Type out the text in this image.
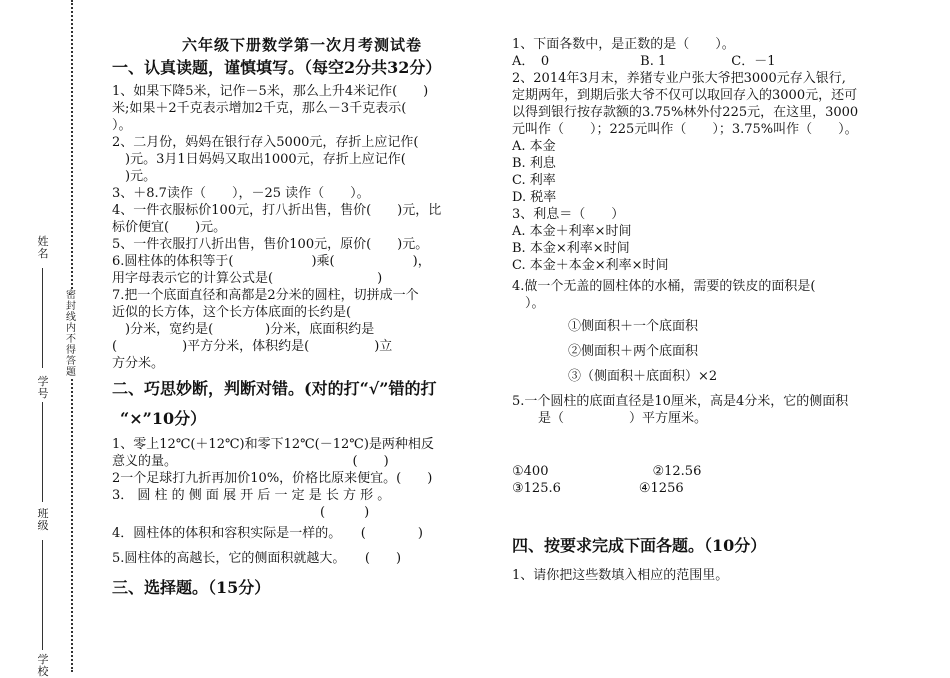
姓名
学号
班级
学校
密封线内不得答题

六年级下册数学第一次月考测试卷

一、认真读题，谨慎填写。（每空2分共32分）

1、如果下降5米，记作－5米，那么上升4米记作(　　)

米;如果＋2千克表示增加2千克，那么－3千克表示(

）。

2、二月份，妈妈在银行存入5000元，存折上应记作(

　)元。3月1日妈妈又取出1000元，存折上应记作(

　)元。

3、＋8.7读作（　　），－25 读作（　　）。

4、一件衣服标价100元，打八折出售，售价(　　)元，比

标价便宜(　　)元。

5、一件衣服打八折出售，售价100元，原价(　　)元。

6.圆柱体的体积等于(　　　　　　)乘(　　　　　　)，

用字母表示它的计算公式是(　　　　　　　　)

7.把一个底面直径和高都是2分米的圆柱，切拼成一个

近似的长方体，这个长方体底面的长约是(

　)分米，宽约是(　　　　)分米，底面积约是

(　　　　　)平方分米，体积约是(　　　　　)立

方分米。

二、巧思妙断，判断对错。(对的打“√”错的打

“×”10分）

1、零上12℃(＋12℃)和零下12℃(－12℃)是两种相反

意义的量。　　　　　　　　　　　　　　(　　)

2一个足球打九折再加价10%，价格比原来便宜。(　　)

3． 圆 柱 的 侧 面 展 开 后 一 定 是 长 方 形 。

　　　　　　　　　　　　　　　　(　　　)

4．圆柱体的体积和容积实际是一样的。　　(　　　　)

5.圆柱体的高越长，它的侧面积就越大。　　(　　)

三、选择题。（15分）

1、下面各数中，是正数的是（　　）。

A．　0　　　　　　　B. 1　　　　　C．－1

2、2014年3月末，养猪专业户张大爷把3000元存入银行,

定期两年，到期后张大爷不仅可以取回存入的3000元，还可

以得到银行按存款额的3.75%林外付225元，在这里，3000

元叫作（　　）；225元叫作（　　）；3.75%叫作（　　）。

A. 本金

B. 利息

C. 利率

D. 税率

3、利息＝（　　）

A. 本金＋利率×时间

B. 本金×利率×时间

C. 本金＋本金×利率×时间

4.做一个无盖的圆柱体的水桶，需要的铁皮的面积是(

　）。

①侧面积＋一个底面积

②侧面积＋两个底面积

③（侧面积＋底面积）×2

5.一个圆柱的底面直径是10厘米，高是4分米，它的侧面积

　　是（　　　　　）平方厘米。

①400　　　　　　　　②12.56

③125.6　　　　　　④1256

四、按要求完成下面各题。（10分）

1、请你把这些数填入相应的范围里。
